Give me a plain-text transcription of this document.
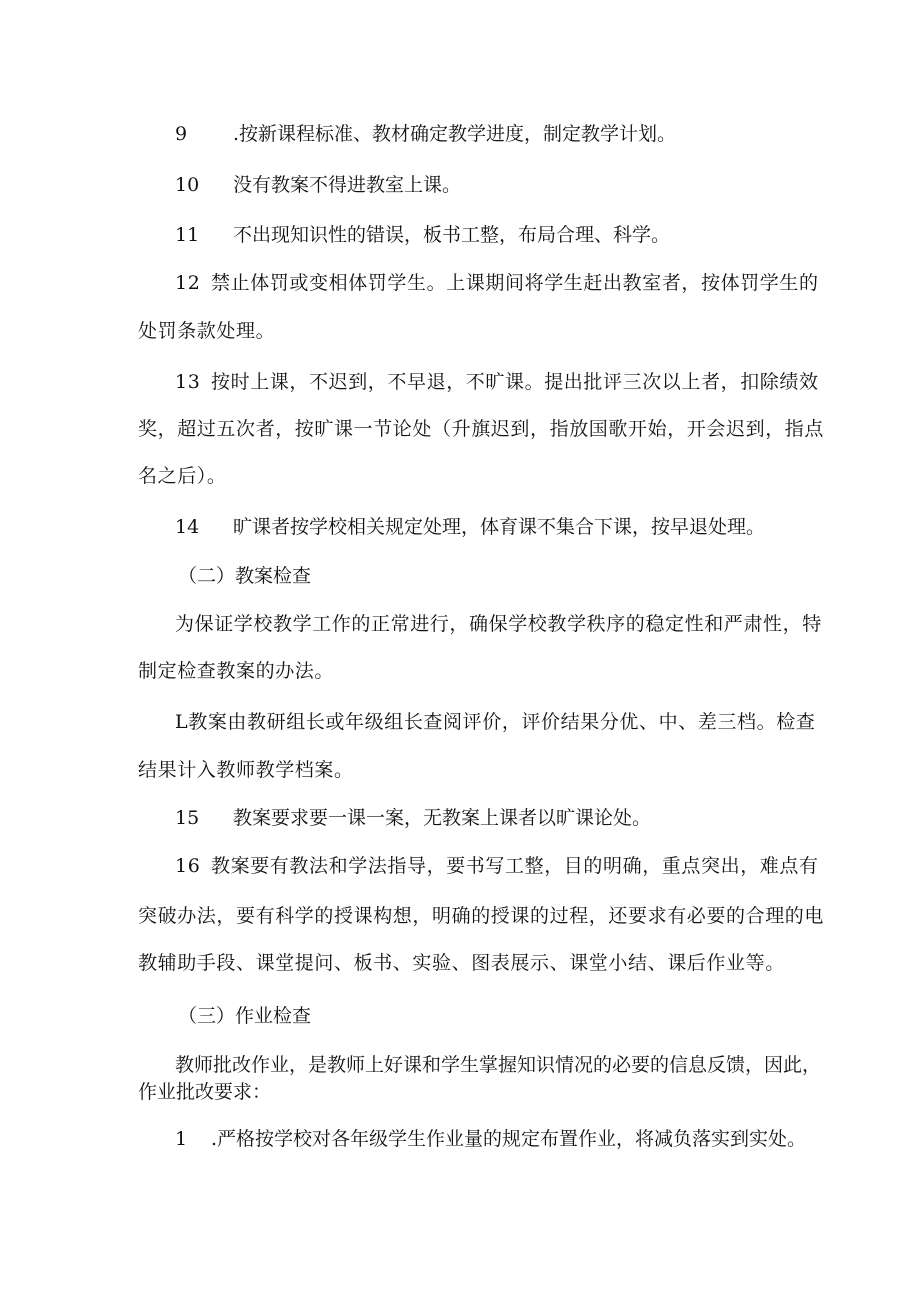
9 .按新课程标准、教材确定教学进度，制定教学计划。
10 没有教案不得进教室上课。
11 不出现知识性的错误，板书工整，布局合理、科学。
12 禁止体罚或变相体罚学生。上课期间将学生赶出教室者，按体罚学生的
处罚条款处理。
13 按时上课，不迟到，不早退，不旷课。提出批评三次以上者，扣除绩效
奖，超过五次者，按旷课一节论处（升旗迟到，指放国歌开始，开会迟到，指点
名之后）。
14 旷课者按学校相关规定处理，体育课不集合下课，按早退处理。
（二）教案检查
为保证学校教学工作的正常进行，确保学校教学秩序的稳定性和严肃性，特
制定检查教案的办法。
L教案由教研组长或年级组长查阅评价，评价结果分优、中、差三档。检查
结果计入教师教学档案。
15 教案要求要一课一案，无教案上课者以旷课论处。
16 教案要有教法和学法指导，要书写工整，目的明确，重点突出，难点有
突破办法，要有科学的授课构想，明确的授课的过程，还要求有必要的合理的电
教辅助手段、课堂提问、板书、实验、图表展示、课堂小结、课后作业等。
（三）作业检查
教师批改作业，是教师上好课和学生掌握知识情况的必要的信息反馈，因此，
作业批改要求：
1 .严格按学校对各年级学生作业量的规定布置作业，将减负落实到实处。
